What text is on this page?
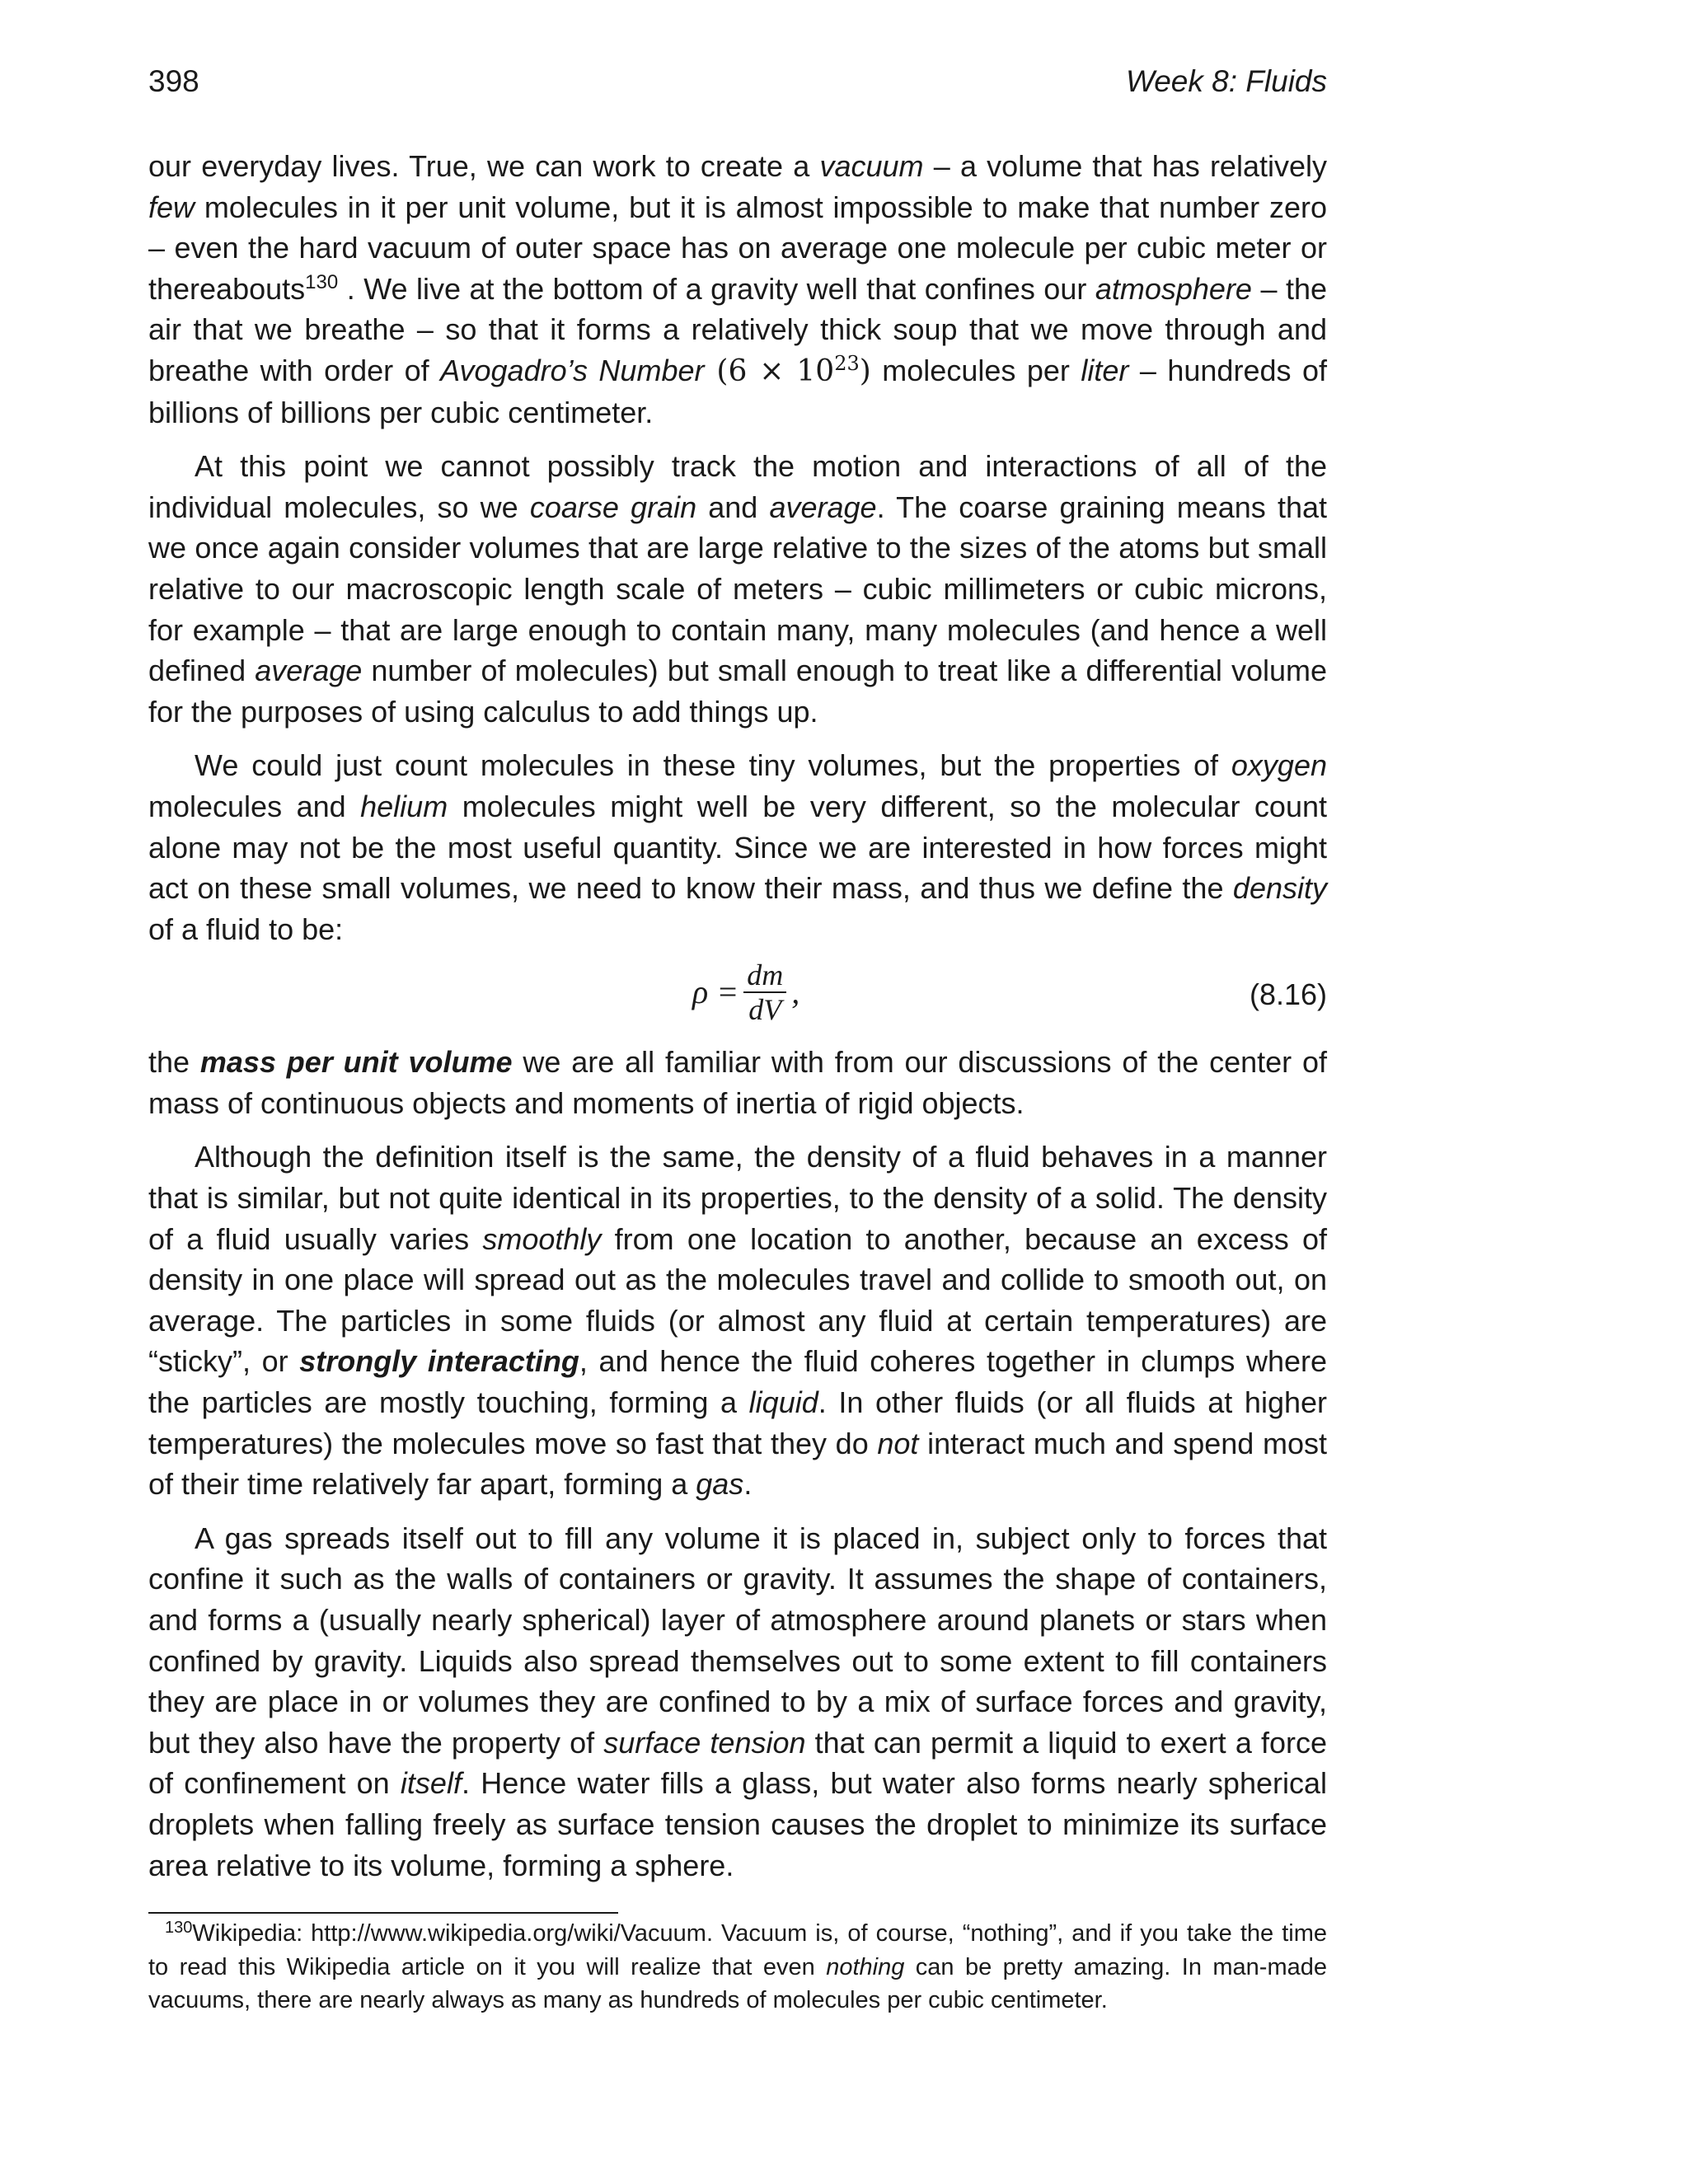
398	Week 8: Fluids

our everyday lives. True, we can work to create a vacuum – a volume that has relatively few molecules in it per unit volume, but it is almost impossible to make that number zero – even the hard vacuum of outer space has on average one molecule per cubic meter or thereabouts$^{130}$ . We live at the bottom of a gravity well that confines our atmosphere – the air that we breathe – so that it forms a relatively thick soup that we move through and breathe with order of Avogadro’s Number $(6 \times 10^{23})$ molecules per liter – hundreds of billions of billions per cubic centimeter.

At this point we cannot possibly track the motion and interactions of all of the individual molecules, so we coarse grain and average. The coarse graining means that we once again consider volumes that are large relative to the sizes of the atoms but small relative to our macroscopic length scale of meters – cubic millimeters or cubic microns, for example – that are large enough to contain many, many molecules (and hence a well defined average number of molecules) but small enough to treat like a differential volume for the purposes of using calculus to add things up.

We could just count molecules in these tiny volumes, but the properties of oxygen molecules and helium molecules might well be very different, so the molecular count alone may not be the most useful quantity. Since we are interested in how forces might act on these small volumes, we need to know their mass, and thus we define the density of a fluid to be:

$\rho = \frac{dm}{dV}$ ,	(8.16)

the mass per unit volume we are all familiar with from our discussions of the center of mass of continuous objects and moments of inertia of rigid objects.

Although the definition itself is the same, the density of a fluid behaves in a manner that is similar, but not quite identical in its properties, to the density of a solid. The density of a fluid usually varies smoothly from one location to another, because an excess of density in one place will spread out as the molecules travel and collide to smooth out, on average. The particles in some fluids (or almost any fluid at certain temperatures) are “sticky”, or strongly interacting, and hence the fluid coheres together in clumps where the particles are mostly touching, forming a liquid. In other fluids (or all fluids at higher temperatures) the molecules move so fast that they do not interact much and spend most of their time relatively far apart, forming a gas.

A gas spreads itself out to fill any volume it is placed in, subject only to forces that confine it such as the walls of containers or gravity. It assumes the shape of containers, and forms a (usually nearly spherical) layer of atmosphere around planets or stars when confined by gravity. Liquids also spread themselves out to some extent to fill containers they are place in or volumes they are confined to by a mix of surface forces and gravity, but they also have the property of surface tension that can permit a liquid to exert a force of confinement on itself. Hence water fills a glass, but water also forms nearly spherical droplets when falling freely as surface tension causes the droplet to minimize its surface area relative to its volume, forming a sphere.

$^{130}$Wikipedia: http://www.wikipedia.org/wiki/Vacuum. Vacuum is, of course, “nothing”, and if you take the time to read this Wikipedia article on it you will realize that even nothing can be pretty amazing. In man-made vacuums, there are nearly always as many as hundreds of molecules per cubic centimeter.
